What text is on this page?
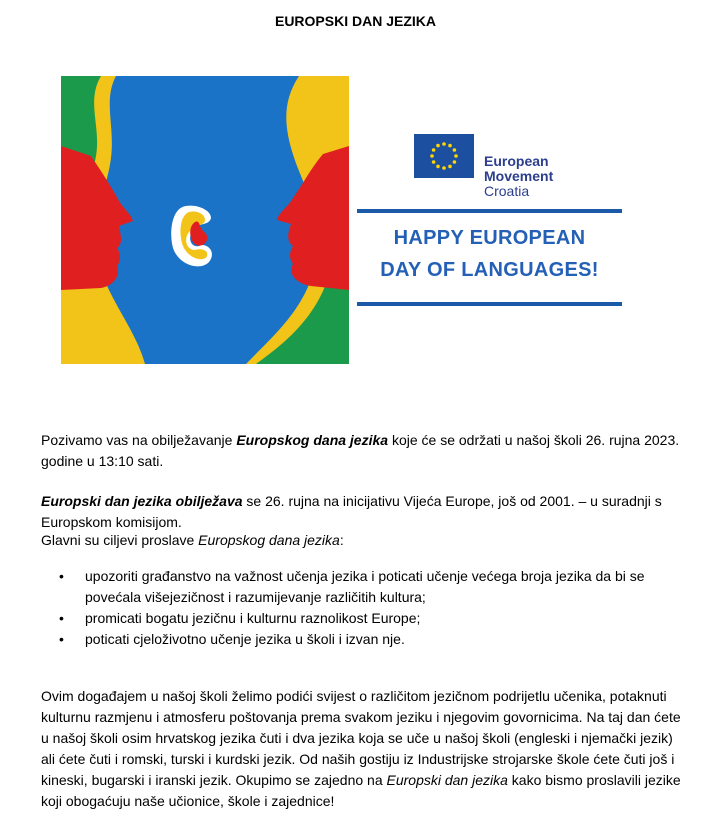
EUROPSKI DAN JEZIKA
European
Movement
Croatia
HAPPY EUROPEAN
DAY OF LANGUAGES!
Pozivamo vas na obilježavanje Europskog dana jezika koje će se održati u našoj školi 26. rujna 2023. godine u 13:10 sati.
Europski dan jezika obilježava se 26. rujna na inicijativu Vijeća Europe, još od 2001. – u suradnji s Europskom komisijom.
Glavni su ciljevi proslave Europskog dana jezika:
• upozoriti građanstvo na važnost učenja jezika i poticati učenje većega broja jezika da bi se povećala višejezičnost i razumijevanje različitih kultura;
• promicati bogatu jezičnu i kulturnu raznolikost Europe;
• poticati cjeloživotno učenje jezika u školi i izvan nje.
Ovim događajem u našoj školi želimo podići svijest o različitom jezičnom podrijetlu učenika, potaknuti kulturnu razmjenu i atmosferu poštovanja prema svakom jeziku i njegovim govornicima. Na taj dan ćete u našoj školi osim hrvatskog jezika čuti i dva jezika koja se uče u našoj školi (engleski i njemački jezik) ali ćete čuti i romski, turski i kurdski jezik. Od naših gostiju iz Industrijske strojarske škole ćete čuti još i kineski, bugarski i iranski jezik. Okupimo se zajedno na Europski dan jezika kako bismo proslavili jezike koji obogaćuju naše učionice, škole i zajednice!
